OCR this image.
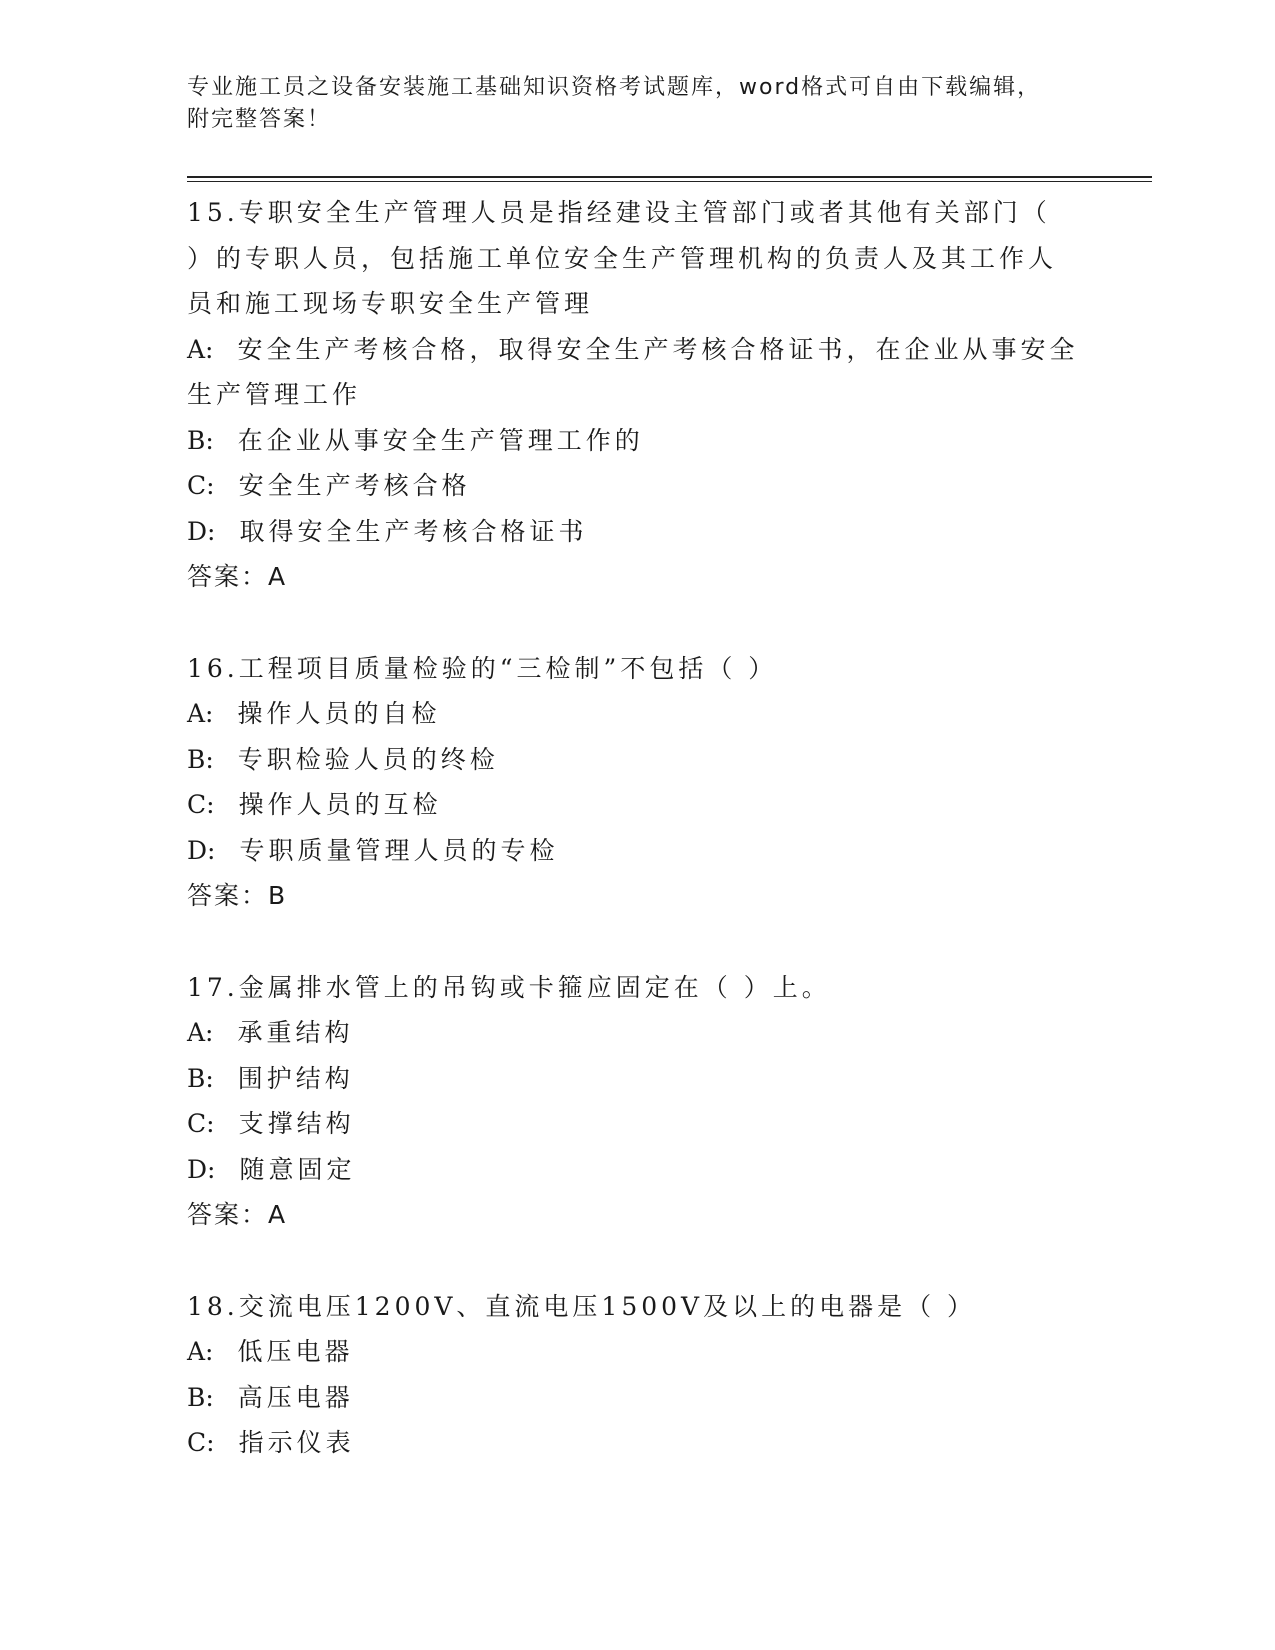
专业施工员之设备安装施工基础知识资格考试题库，word格式可自由下载编辑，
附完整答案！
15.专职安全生产管理人员是指经建设主管部门或者其他有关部门（
）的专职人员，包括施工单位安全生产管理机构的负责人及其工作人
员和施工现场专职安全生产管理
A: 安全生产考核合格，取得安全生产考核合格证书，在企业从事安全
生产管理工作
B: 在企业从事安全生产管理工作的
C: 安全生产考核合格
D: 取得安全生产考核合格证书
答案：A
16.工程项目质量检验的“三检制”不包括（ ）
A: 操作人员的自检
B: 专职检验人员的终检
C: 操作人员的互检
D: 专职质量管理人员的专检
答案：B
17.金属排水管上的吊钩或卡箍应固定在（ ）上。
A: 承重结构
B: 围护结构
C: 支撑结构
D: 随意固定
答案：A
18.交流电压1200V、直流电压1500V及以上的电器是（ ）
A: 低压电器
B: 高压电器
C: 指示仪表
